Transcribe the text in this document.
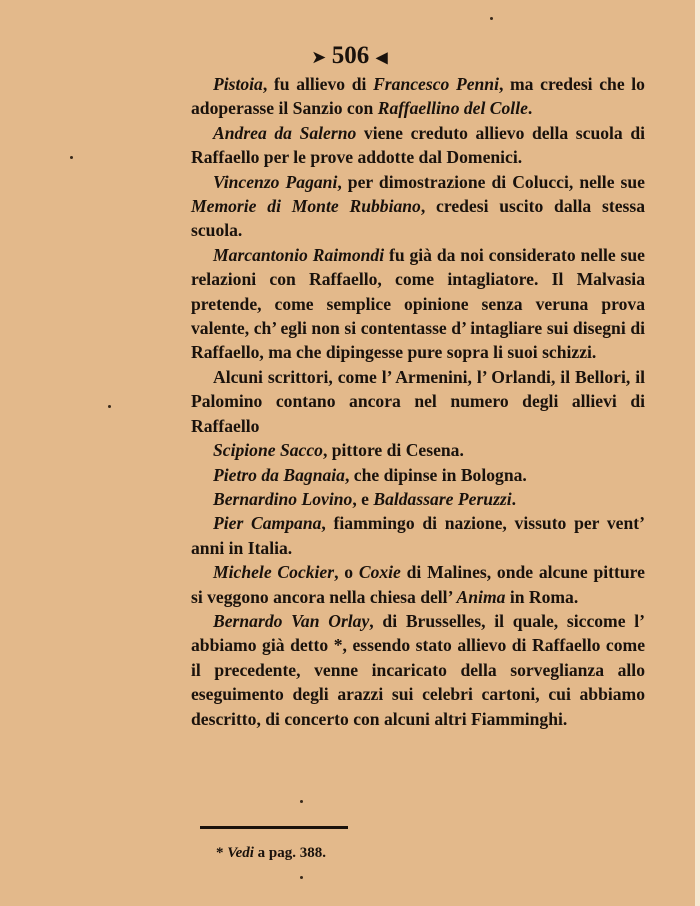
➤ 506 ◀

Pistoia, fu allievo di Francesco Penni, ma credesi che lo adoperasse il Sanzio con Raffaellino del Colle.

Andrea da Salerno viene creduto allievo della scuola di Raffaello per le prove addotte dal Domenici.

Vincenzo Pagani, per dimostrazione di Colucci, nelle sue Memorie di Monte Rubbiano, credesi uscito dalla stessa scuola.

Marcantonio Raimondi fu già da noi considerato nelle sue relazioni con Raffaello, come intagliatore. Il Malvasia pretende, come semplice opinione senza veruna prova valente, ch’ egli non si contentasse d’ intagliare sui disegni di Raffaello, ma che dipingesse pure sopra li suoi schizzi.

Alcuni scrittori, come l’ Armenini, l’ Orlandi, il Bellori, il Palomino contano ancora nel numero degli allievi di Raffaello

Scipione Sacco, pittore di Cesena.

Pietro da Bagnaia, che dipinse in Bologna.

Bernardino Lovino, e Baldassare Peruzzi.

Pier Campana, fiammingo di nazione, vissuto per vent’ anni in Italia.

Michele Cockier, o Coxie di Malines, onde alcune pitture si veggono ancora nella chiesa dell’ Anima in Roma.

Bernardo Van Orlay, di Brusselles, il quale, siccome l’ abbiamo già detto *, essendo stato allievo di Raffaello come il precedente, venne incaricato della sorveglianza allo eseguimento degli arazzi sui celebri cartoni, cui abbiamo descritto, di concerto con alcuni altri Fiamminghi.

* Vedi a pag. 388.
